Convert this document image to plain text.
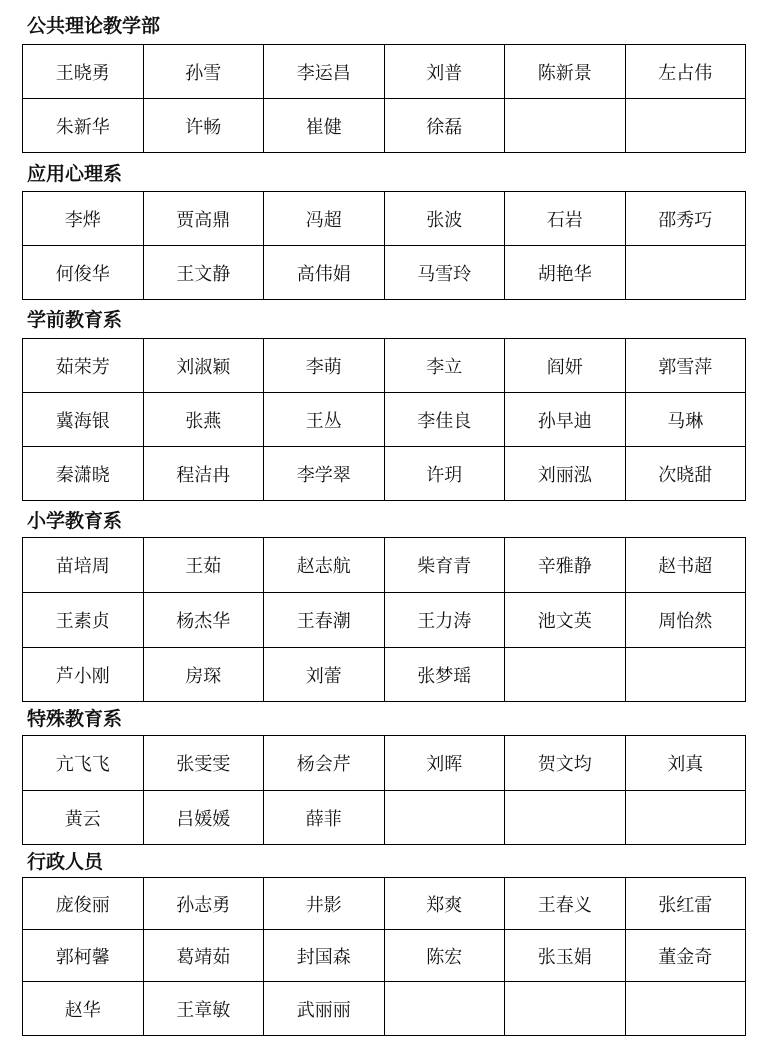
公共理论教学部
王晓勇	孙雪	李运昌	刘普	陈新景	左占伟
朱新华	许畅	崔健	徐磊		
应用心理系
李烨	贾高鼎	冯超	张波	石岩	邵秀巧
何俊华	王文静	高伟娟	马雪玲	胡艳华	
学前教育系
茹荣芳	刘淑颖	李萌	李立	阎妍	郭雪萍
冀海银	张燕	王丛	李佳良	孙早迪	马琳
秦潇晓	程洁冉	李学翠	许玥	刘丽泓	次晓甜
小学教育系
苗培周	王茹	赵志航	柴育青	辛雅静	赵书超
王素贞	杨杰华	王春潮	王力涛	池文英	周怡然
芦小刚	房琛	刘蕾	张梦瑶		
特殊教育系
亢飞飞	张雯雯	杨会芹	刘晖	贺文均	刘真
黄云	吕媛媛	薛菲			
行政人员
庞俊丽	孙志勇	井影	郑爽	王春义	张红雷
郭柯馨	葛靖茹	封国森	陈宏	张玉娟	董金奇
赵华	王章敏	武丽丽			
